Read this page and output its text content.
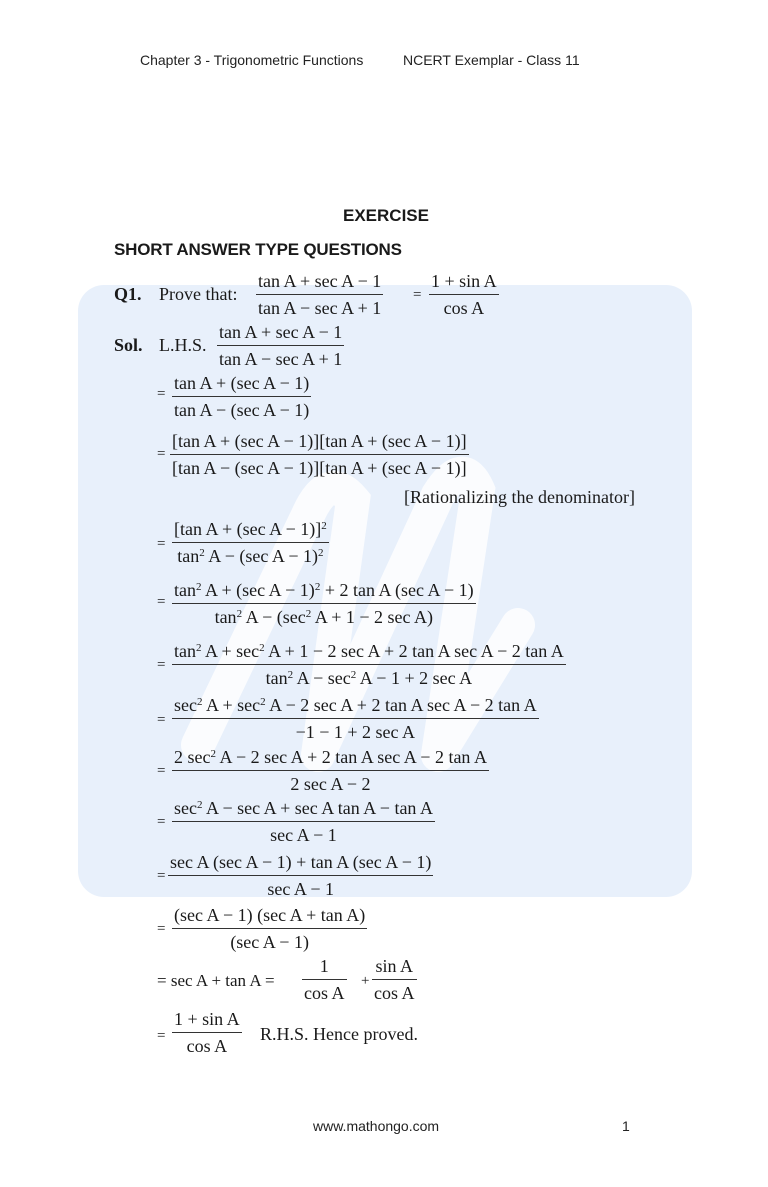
Chapter 3 - Trigonometric Functions	NCERT Exemplar - Class 11
EXERCISE
SHORT ANSWER TYPE QUESTIONS
Q1. Prove that:
tan A + sec A − 1
tan A − sec A + 1
=
1 + sin A
cos A
Sol. L.H.S.
tan A + sec A − 1
tan A − sec A + 1
=
tan A + (sec A − 1)
tan A − (sec A − 1)
=
[tan A + (sec A − 1)][tan A + (sec A − 1)]
[tan A − (sec A − 1)][tan A + (sec A − 1)]
[Rationalizing the denominator]
=
[tan A + (sec A − 1)]$^2$
$\tan^2 A - (\sec$ A − 1)$^2$
=
$\tan^2 A + (\sec$ A − 1)$^2$ + 2 tan A (sec A − 1)
$\tan^2 A - (\sec^2$ A + 1 − 2 sec A)
=
$\tan^2 A + \sec^2 A + 1 - 2$ sec A + 2 tan A sec A − 2 tan A
$\tan^2 A - \sec^2 A - 1 + 2$ sec A
=
$\sec^2 A + \sec^2 A - 2$ sec A + 2 tan A sec A − 2 tan A
−1 − 1 + 2 sec A
=
2 $\sec^2 A - 2$ sec A + 2 tan A sec A − 2 tan A
2 sec A − 2
=
$\sec^2 A - \sec A + \sec A$ tan A − tan A
sec A − 1
=
sec A (sec A − 1) + tan A (sec A − 1)
sec A − 1
=
(sec A − 1) (sec A + tan A)
(sec A − 1)
= sec A + tan A =
1
cos A
+
sin A
cos A
=
1 + sin A
cos A
R.H.S. Hence proved.
www.mathongo.com	1
